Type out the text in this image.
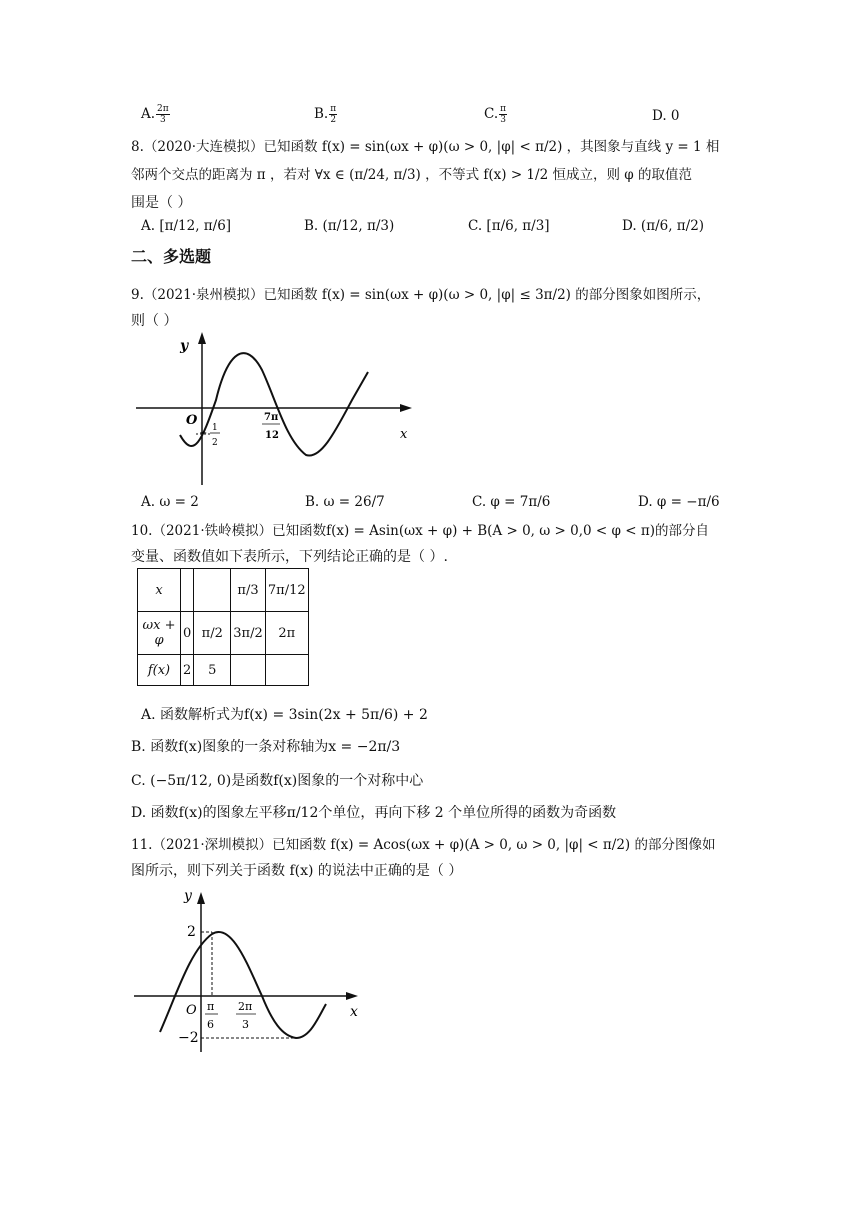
A. $\frac{2\pi}{3}$	B. $\frac{\pi}{2}$	C. $\frac{\pi}{3}$	D. 0
8.（2020·大连模拟）已知函数 f(x) = sin(ωx + φ)(ω > 0, |φ| < π/2) ，其图象与直线 y = 1 相
邻两个交点的距离为 π ，若对 ∀x ∈ (π/24, π/3) ，不等式 f(x) > 1/2 恒成立，则 φ 的取值范
围是（ ）
A. [π/12, π/6]	B. (π/12, π/3)	C. [π/6, π/3]	D. (π/6, π/2)
二、多选题
9.（2021·泉州模拟）已知函数 f(x) = sin(ωx + φ)(ω > 0, |φ| ≤ 3π/2) 的部分图象如图所示，
则（ ）
x
y
O
− 1
2
7π
12
A. ω = 2	B. ω = 26/7	C. φ = 7π/6	D. φ = −π/6
10.（2021·铁岭模拟）已知函数f(x) = Asin(ωx + φ) + B(A > 0, ω > 0,0 < φ < π)的部分自
变量、函数值如下表所示，下列结论正确的是（ ）.
x			π/3	7π/12
ωx + φ	0	π/2	3π/2	2π
f(x)	2	5		
A. 函数解析式为f(x) = 3sin(2x + 5π/6) + 2
B. 函数f(x)图象的一条对称轴为x = −2π/3
C. (−5π/12, 0)是函数f(x)图象的一个对称中心
D. 函数f(x)的图象左平移π/12个单位，再向下移 2 个单位所得的函数为奇函数
11.（2021·深圳模拟）已知函数 f(x) = Acos(ωx + φ)(A > 0, ω > 0, |φ| < π/2) 的部分图像如
图所示，则下列关于函数 f(x) 的说法中正确的是（ ）
y
x
2
−2
O π
6
2π
3
